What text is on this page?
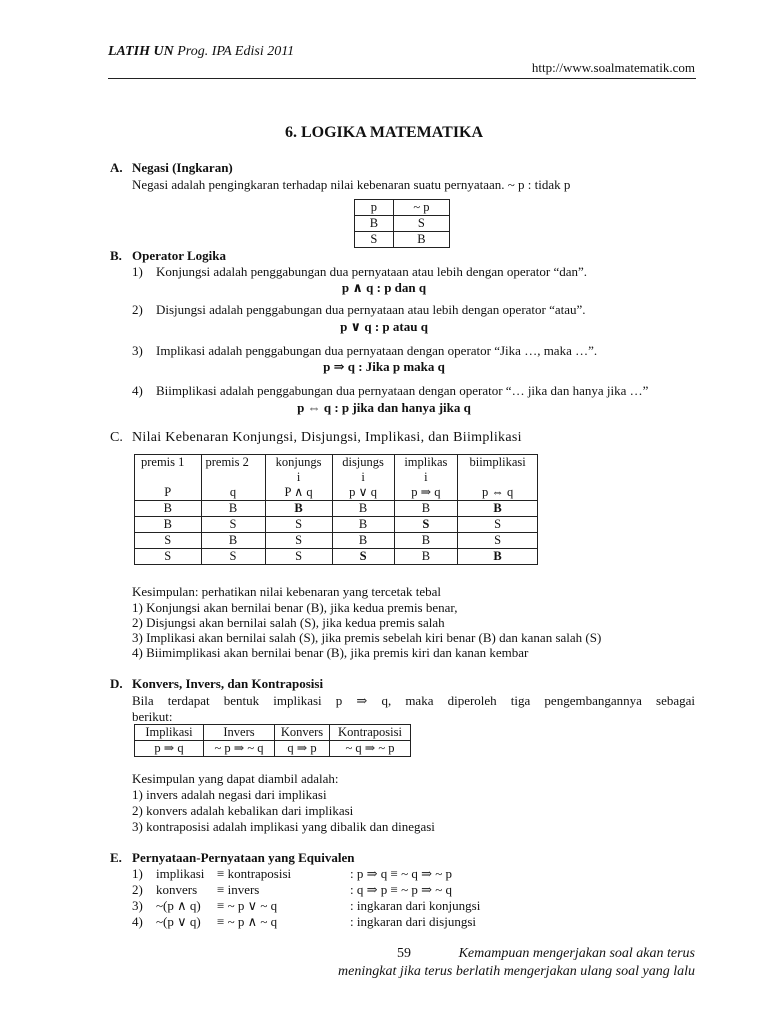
LATIH UN Prog. IPA Edisi 2011
http://www.soalmatematik.com
6. LOGIKA MATEMATIKA
A. Negasi (Ingkaran)
Negasi adalah pengingkaran terhadap nilai kebenaran suatu pernyataan. ~ p : tidak p
p	~ p
B	S
S	B
B. Operator Logika
1) Konjungsi adalah penggabungan dua pernyataan atau lebih dengan operator “dan”.
p ∧ q : p dan q
2) Disjungsi adalah penggabungan dua pernyataan atau lebih dengan operator “atau”.
p ∨ q : p atau q
3) Implikasi adalah penggabungan dua pernyataan dengan operator “Jika …, maka …”.
p ⇒ q : Jika p maka q
4) Biimplikasi adalah penggabungan dua pernyataan dengan operator “… jika dan hanya jika …”
p ⇔ q : p jika dan hanya jika q
C. Nilai Kebenaran Konjungsi, Disjungsi, Implikasi, dan Biimplikasi
premis 1	premis 2	konjungs	disjungs	implikas	biimplikasi
		i	i	i	
P	q	P ∧ q	p ∨ q	p ⇒ q	p ⇔ q
B	B	B	B	B	B
B	S	S	B	S	S
S	B	S	B	B	S
S	S	S	S	B	B
Kesimpulan: perhatikan nilai kebenaran yang tercetak tebal
1) Konjungsi akan bernilai benar (B), jika kedua premis benar,
2) Disjungsi akan bernilai salah (S), jika kedua premis salah
3) Implikasi akan bernilai salah (S), jika premis sebelah kiri benar (B) dan kanan salah (S)
4) Biimimplikasi akan bernilai benar (B), jika premis kiri dan kanan kembar
D. Konvers, Invers, dan Kontraposisi
Bila terdapat bentuk implikasi p ⇒ q, maka diperoleh tiga pengembangannya sebagai
berikut:
Implikasi	Invers	Konvers	Kontraposisi
p ⇒ q	~ p ⇒ ~ q	q ⇒ p	~ q ⇒ ~ p
Kesimpulan yang dapat diambil adalah:
1) invers adalah negasi dari implikasi
2) konvers adalah kebalikan dari implikasi
3) kontraposisi adalah implikasi yang dibalik dan dinegasi
E. Pernyataan-Pernyataan yang Equivalen
1) implikasi ≡ kontraposisi	: p ⇒ q ≡ ~ q ⇒ ~ p
2) konvers ≡ invers	: q ⇒ p ≡ ~ p ⇒ ~ q
3) ~(p ∧ q) ≡ ~ p ∨ ~ q	: ingkaran dari konjungsi
4) ~(p ∨ q) ≡ ~ p ∧ ~ q	: ingkaran dari disjungsi
59	Kemampuan mengerjakan soal akan terus
meningkat jika terus berlatih mengerjakan ulang soal yang lalu
